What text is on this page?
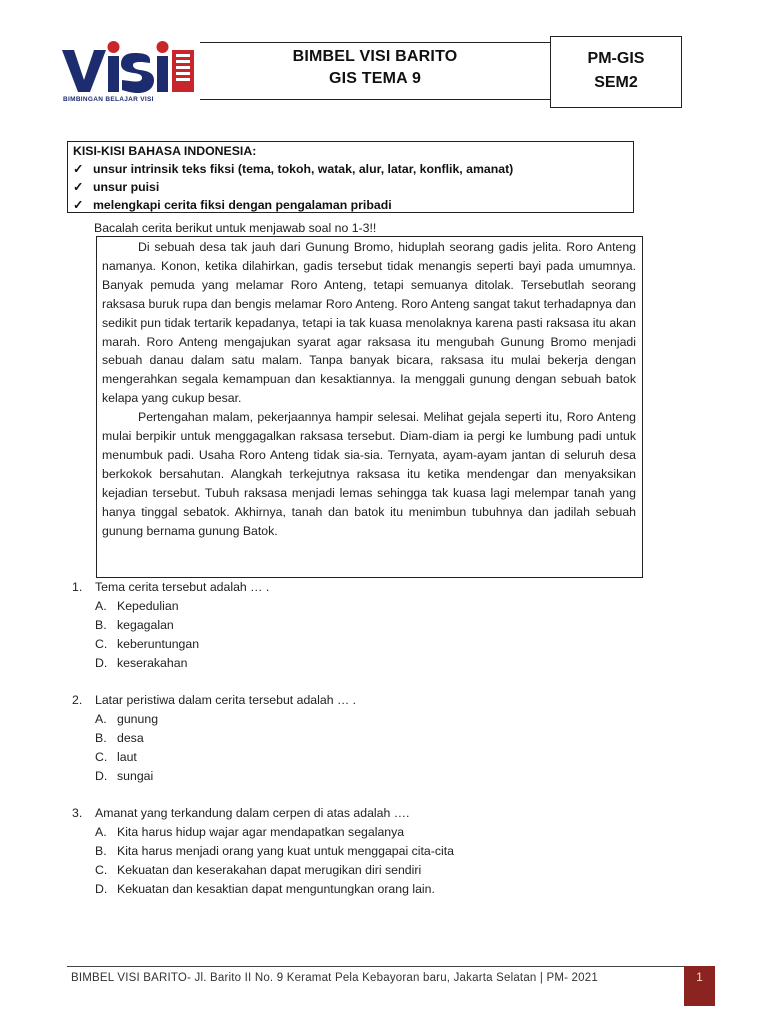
BIMBINGAN BELAJAR VISI
BIMBEL VISI BARITO
GIS TEMA 9
PM-GIS
SEM2
KISI-KISI BAHASA INDONESIA:
✓ unsur intrinsik teks fiksi (tema, tokoh, watak, alur, latar, konflik, amanat)
✓ unsur puisi
✓ melengkapi cerita fiksi dengan pengalaman pribadi
Bacalah cerita berikut untuk menjawab soal no 1-3!!

Di sebuah desa tak jauh dari Gunung Bromo, hiduplah seorang gadis jelita. Roro Anteng namanya. Konon, ketika dilahirkan, gadis tersebut tidak menangis seperti bayi pada umumnya. Banyak pemuda yang melamar Roro Anteng, tetapi semuanya ditolak. Tersebutlah seorang raksasa buruk rupa dan bengis melamar Roro Anteng. Roro Anteng sangat takut terhadapnya dan sedikit pun tidak tertarik kepadanya, tetapi ia tak kuasa menolaknya karena pasti raksasa itu akan marah. Roro Anteng mengajukan syarat agar raksasa itu mengubah Gunung Bromo menjadi sebuah danau dalam satu malam. Tanpa banyak bicara, raksasa itu mulai bekerja dengan mengerahkan segala kemampuan dan kesaktiannya. Ia menggali gunung dengan sebuah batok kelapa yang cukup besar.

Pertengahan malam, pekerjaannya hampir selesai. Melihat gejala seperti itu, Roro Anteng mulai berpikir untuk menggagalkan raksasa tersebut. Diam-diam ia pergi ke lumbung padi untuk menumbuk padi. Usaha Roro Anteng tidak sia-sia. Ternyata, ayam-ayam jantan di seluruh desa berkokok bersahutan. Alangkah terkejutnya raksasa itu ketika mendengar dan menyaksikan kejadian tersebut. Tubuh raksasa menjadi lemas sehingga tak kuasa lagi melempar tanah yang hanya tinggal sebatok. Akhirnya, tanah dan batok itu menimbun tubuhnya dan jadilah sebuah gunung bernama gunung Batok.

1.	Tema cerita tersebut adalah … .
A. Kepedulian
B. kegagalan
C. keberuntungan
D. keserakahan
2.	Latar peristiwa dalam cerita tersebut adalah … .
A. gunung
B. desa
C. laut
D. sungai
3.	Amanat yang terkandung dalam cerpen di atas adalah ….
A. Kita harus hidup wajar agar mendapatkan segalanya
B. Kita harus menjadi orang yang kuat untuk menggapai cita-cita
C. Kekuatan dan keserakahan dapat merugikan diri sendiri
D. Kekuatan dan kesaktian dapat menguntungkan orang lain.
BIMBEL VISI BARITO- Jl. Barito II No. 9 Keramat Pela Kebayoran baru, Jakarta Selatan | PM- 2021	1
